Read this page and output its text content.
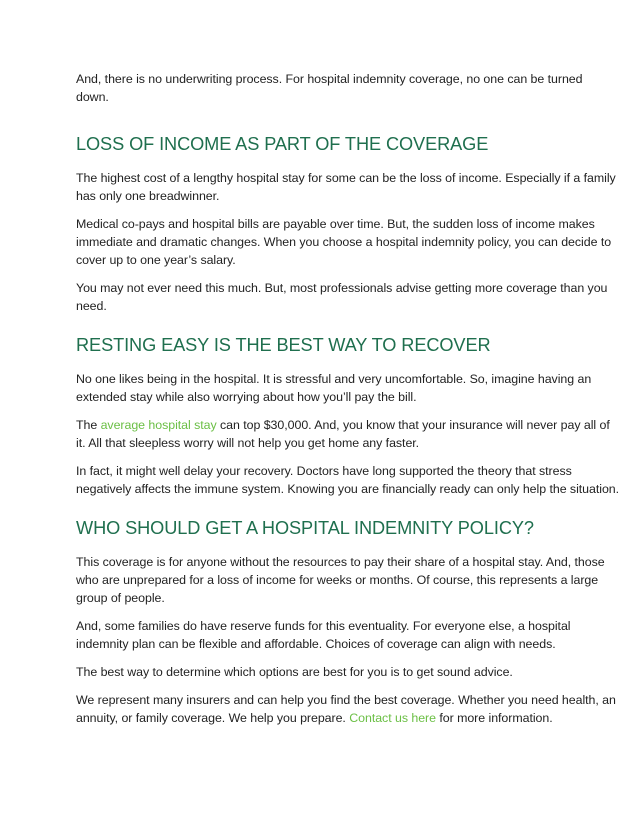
And, there is no underwriting process. For hospital indemnity coverage, no one can be turned down.

LOSS OF INCOME AS PART OF THE COVERAGE

The highest cost of a lengthy hospital stay for some can be the loss of income. Especially if a family has only one breadwinner.

Medical co-pays and hospital bills are payable over time. But, the sudden loss of income makes immediate and dramatic changes. When you choose a hospital indemnity policy, you can decide to cover up to one year’s salary.

You may not ever need this much. But, most professionals advise getting more coverage than you need.

RESTING EASY IS THE BEST WAY TO RECOVER

No one likes being in the hospital. It is stressful and very uncomfortable. So, imagine having an extended stay while also worrying about how you’ll pay the bill.

The average hospital stay can top $30,000. And, you know that your insurance will never pay all of it. All that sleepless worry will not help you get home any faster.

In fact, it might well delay your recovery. Doctors have long supported the theory that stress negatively affects the immune system. Knowing you are financially ready can only help the situation.

WHO SHOULD GET A HOSPITAL INDEMNITY POLICY?

This coverage is for anyone without the resources to pay their share of a hospital stay. And, those who are unprepared for a loss of income for weeks or months. Of course, this represents a large group of people.

And, some families do have reserve funds for this eventuality. For everyone else, a hospital indemnity plan can be flexible and affordable. Choices of coverage can align with needs.

The best way to determine which options are best for you is to get sound advice.

We represent many insurers and can help you find the best coverage. Whether you need health, an annuity, or family coverage. We help you prepare. Contact us here for more information.
